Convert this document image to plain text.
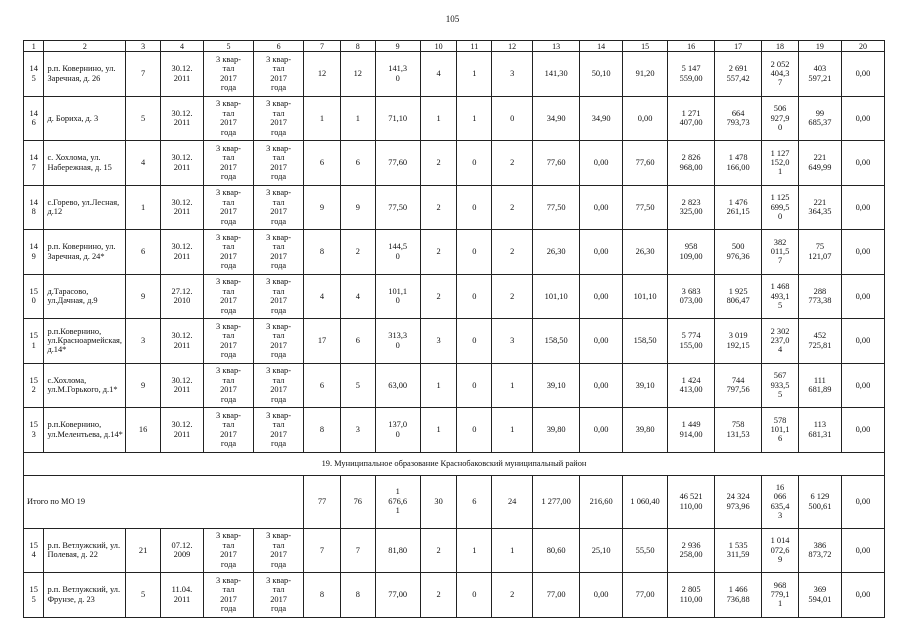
105
1	2	3	4	5	6	7	8	9	10	11	12	13	14	15	16	17	18	19	20
14
5	р.п. Ковернино, ул. Заречная, д. 26	7	30.12.
2011	3 квар-
тал
2017
года	3 квар-
тал
2017
года	12	12	141,3
0	4	1	3	141,30	50,10	91,20	5 147
559,00	2 691
557,42	2 052
404,3
7	403
597,21	0,00
14
6	д. Бориха, д. 3	5	30.12.
2011	3 квар-
тал
2017
года	3 квар-
тал
2017
года	1	1	71,10	1	1	0	34,90	34,90	0,00	1 271
407,00	664
793,73	506
927,9
0	99
685,37	0,00
14
7	с. Хохлома, ул. Набережная, д. 15	4	30.12.
2011	3 квар-
тал
2017
года	3 квар-
тал
2017
года	6	6	77,60	2	0	2	77,60	0,00	77,60	2 826
968,00	1 478
166,00	1 127
152,0
1	221
649,99	0,00
14
8	с.Горево, ул.Лесная, д.12	1	30.12.
2011	3 квар-
тал
2017
года	3 квар-
тал
2017
года	9	9	77,50	2	0	2	77,50	0,00	77,50	2 823
325,00	1 476
261,15	1 125
699,5
0	221
364,35	0,00
14
9	р.п. Ковернино, ул. Заречная, д. 24*	6	30.12.
2011	3 квар-
тал
2017
года	3 квар-
тал
2017
года	8	2	144,5
0	2	0	2	26,30	0,00	26,30	958
109,00	500
976,36	382
011,5
7	75
121,07	0,00
15
0	д.Тарасово, ул.Дачная, д.9	9	27.12.
2010	3 квар-
тал
2017
года	3 квар-
тал
2017
года	4	4	101,1
0	2	0	2	101,10	0,00	101,10	3 683
073,00	1 925
806,47	1 468
493,1
5	288
773,38	0,00
15
1	р.п.Ковернино, ул.Красноармейская, д.14*	3	30.12.
2011	3 квар-
тал
2017
года	3 квар-
тал
2017
года	17	6	313,3
0	3	0	3	158,50	0,00	158,50	5 774
155,00	3 019
192,15	2 302
237,0
4	452
725,81	0,00
15
2	с.Хохлома, ул.М.Горького, д.1*	9	30.12.
2011	3 квар-
тал
2017
года	3 квар-
тал
2017
года	6	5	63,00	1	0	1	39,10	0,00	39,10	1 424
413,00	744
797,56	567
933,5
5	111
681,89	0,00
15
3	р.п.Ковернино, ул.Мелентьева, д.14*	16	30.12.
2011	3 квар-
тал
2017
года	3 квар-
тал
2017
года	8	3	137,0
0	1	0	1	39,80	0,00	39,80	1 449
914,00	758
131,53	578
101,1
6	113
681,31	0,00
19. Муниципальное образование Краснобаковский муниципальный район																			
Итого по МО 19						77	76	1
676,6
1	30	6	24	1 277,00	216,60	1 060,40	46 521
110,00	24 324
973,96	16
066
635,4
3	6 129
500,61	0,00
15
4	р.п. Ветлужский, ул. Полевая, д. 22	21	07.12.
2009	3 квар-
тал
2017
года	3 квар-
тал
2017
года	7	7	81,80	2	1	1	80,60	25,10	55,50	2 936
258,00	1 535
311,59	1 014
072,6
9	386
873,72	0,00
15
5	р.п. Ветлужский, ул. Фрунзе, д. 23	5	11.04.
2011	3 квар-
тал
2017
года	3 квар-
тал
2017
года	8	8	77,00	2	0	2	77,00	0,00	77,00	2 805
110,00	1 466
736,88	968
779,1
1	369
594,01	0,00
